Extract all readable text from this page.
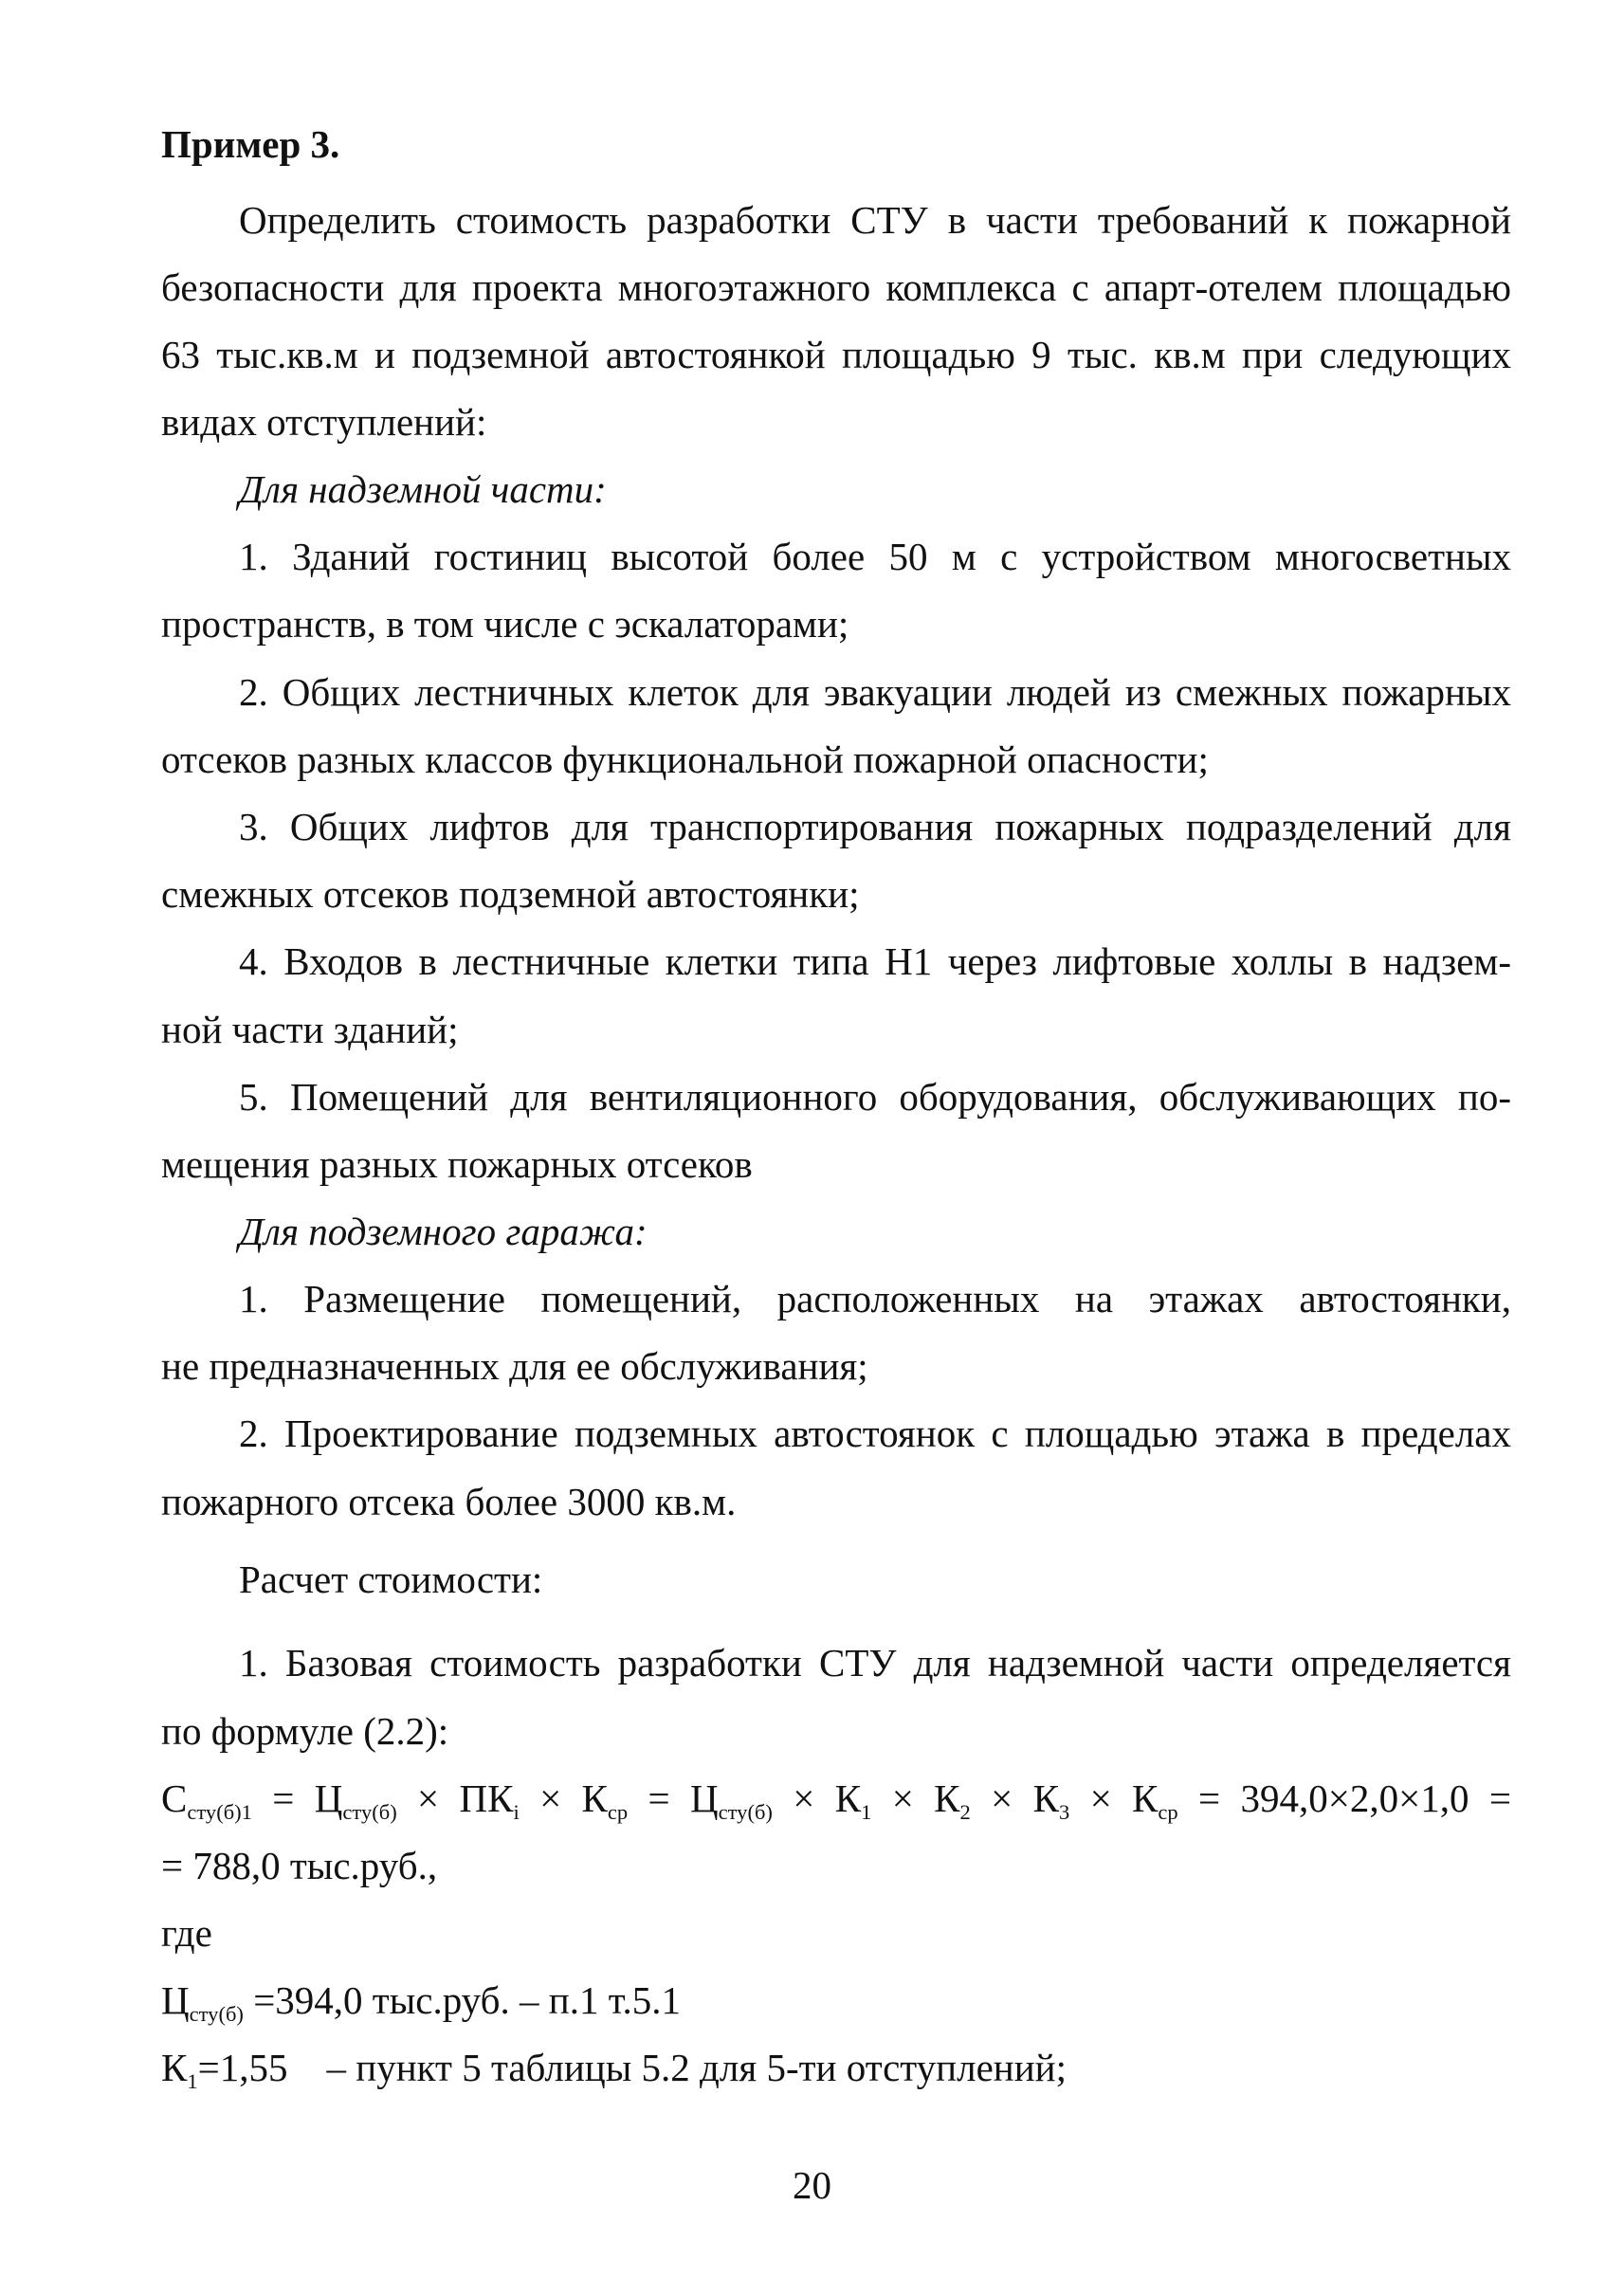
Пример 3.
Определить стоимость разработки СТУ в части требований к пожарной
безопасности для проекта многоэтажного комплекса с апарт-отелем площадью
63 тыс.кв.м и подземной автостоянкой площадью 9 тыс. кв.м при следующих
видах отступлений:
Для надземной части:
1. Зданий гостиниц высотой более 50 м с устройством многосветных
пространств, в том числе с эскалаторами;
2. Общих лестничных клеток для эвакуации людей из смежных пожарных
отсеков разных классов функциональной пожарной опасности;
3. Общих лифтов для транспортирования пожарных подразделений для
смежных отсеков подземной автостоянки;
4. Входов в лестничные клетки типа Н1 через лифтовые холлы в надзем-
ной части зданий;
5. Помещений для вентиляционного оборудования, обслуживающих по-
мещения разных пожарных отсеков
Для подземного гаража:
1. Размещение помещений, расположенных на этажах автостоянки,
не предназначенных для ее обслуживания;
2. Проектирование подземных автостоянок с площадью этажа в пределах
пожарного отсека более 3000 кв.м.
Расчет стоимости:
1. Базовая стоимость разработки СТУ для надземной части определяется
по формуле (2.2):
$С_{сту(б)1} = Ц_{сту(б)} \times ПК_i \times К_{ср} = Ц_{сту(б)} \times К_1 \times К_2 \times К_3 \times К_{ср} = 394,0\times 2,0\times 1,0$ =
= 788,0 тыс.руб.,
где
$Ц_{сту(б)} =394,0$ тыс.руб. – п.1 т.5.1
$К_1=1,55$    – пункт 5 таблицы 5.2 для 5-ти отступлений;
20
